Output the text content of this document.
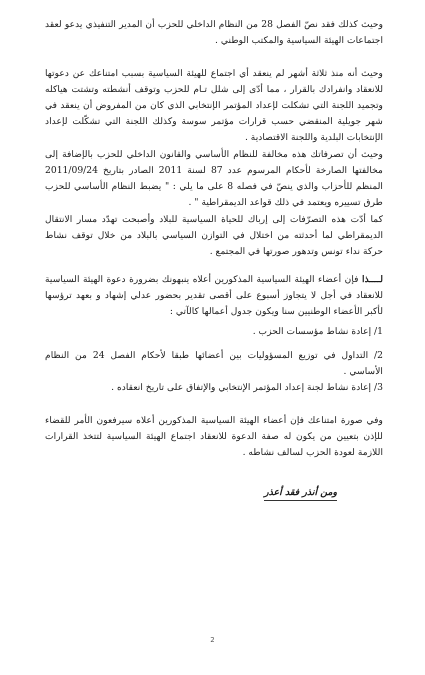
وحيث كذلك فقد نصّ الفصل 28 من النظام الداخلي للحزب أن المدير التنفيذي يدعو لعقد اجتماعات الهيئة السياسية والمكتب الوطني .
وحيث أنه منذ ثلاثة أشهر لم ينعقد أي اجتماع للهيئة السياسية بسبب امتناعك عن دعوتها للانعقاد وانفرادك بالقرار ، مما أدّى إلى شلل تـام للحزب وتوقف أنشطته وتشتت هياكله وتجميد اللجنة التي تشكلت لإعداد المؤتمر الإنتخابي الذي كان من المفروض أن ينعقد في شهر جويلية المنقضي حسب قرارات مؤتمر سوسة وكذلك اللجنة التي تشكّلت لإعداد الإنتخابات البلدية واللجنة الاقتصادية .
وحيث أن تصرفاتك هذه مخالفة للنظام الأساسي والقانون الداخلي للحزب بالإضافة إلى مخالفتها الصارخة لأحكام المرسوم عدد 87 لسنة 2011 الصادر بتاريخ 2011/09/24 المنظم للأحزاب والذي ينصّ في فصله 8 على ما يلي : " يضبط النظام الأساسي للحزب طرق تسييره ويعتمد في ذلك قواعد الديمقراطية " .
كما أدّت هذه التصرّفات إلى إرباك للحياة السياسية للبلاد وأصبحت تهدّد مسار الانتقال الديمقراطي لما أحدثته من اختلال في التوازن السياسي بالبلاد من خلال توقف نشاط حركة نداء تونس وتدهور صورتها في المجتمع .
لــــذا فإن أعضاء الهيئة السياسية المذكورين أعلاه ينبهونك بضرورة دعوة الهيئة السياسية للانعقاد في أجل لا يتجاوز أسبوع على أقصى تقدير بحضور عدلي إشهاد و بعهد ترؤسها لأكبر الأعضاء الوطنيين سنا ويكون جدول أعمالها كالآتي :
1/ إعادة نشاط مؤسسات الحزب .
2/ التداول في توزيع المسؤوليات بين أعضائها طبقا لأحكام الفصل 24 من النظام الأساسي .
3/ إعادة نشاط لجنة إعداد المؤتمر الإنتخابي والإتفاق على تاريخ انعقاده .
وفي صورة امتناعك فإن أعضاء الهيئة السياسية المذكورين أعلاه سيرفعون الأمر للقضاء للإذن بتعيين من يكون له صفة الدعوة للانعقاد اجتماع الهيئة السياسية لتتخذ القرارات اللازمة لعودة الحزب لسالف نشاطه .
ومن أنذر فقد أعذر
2
